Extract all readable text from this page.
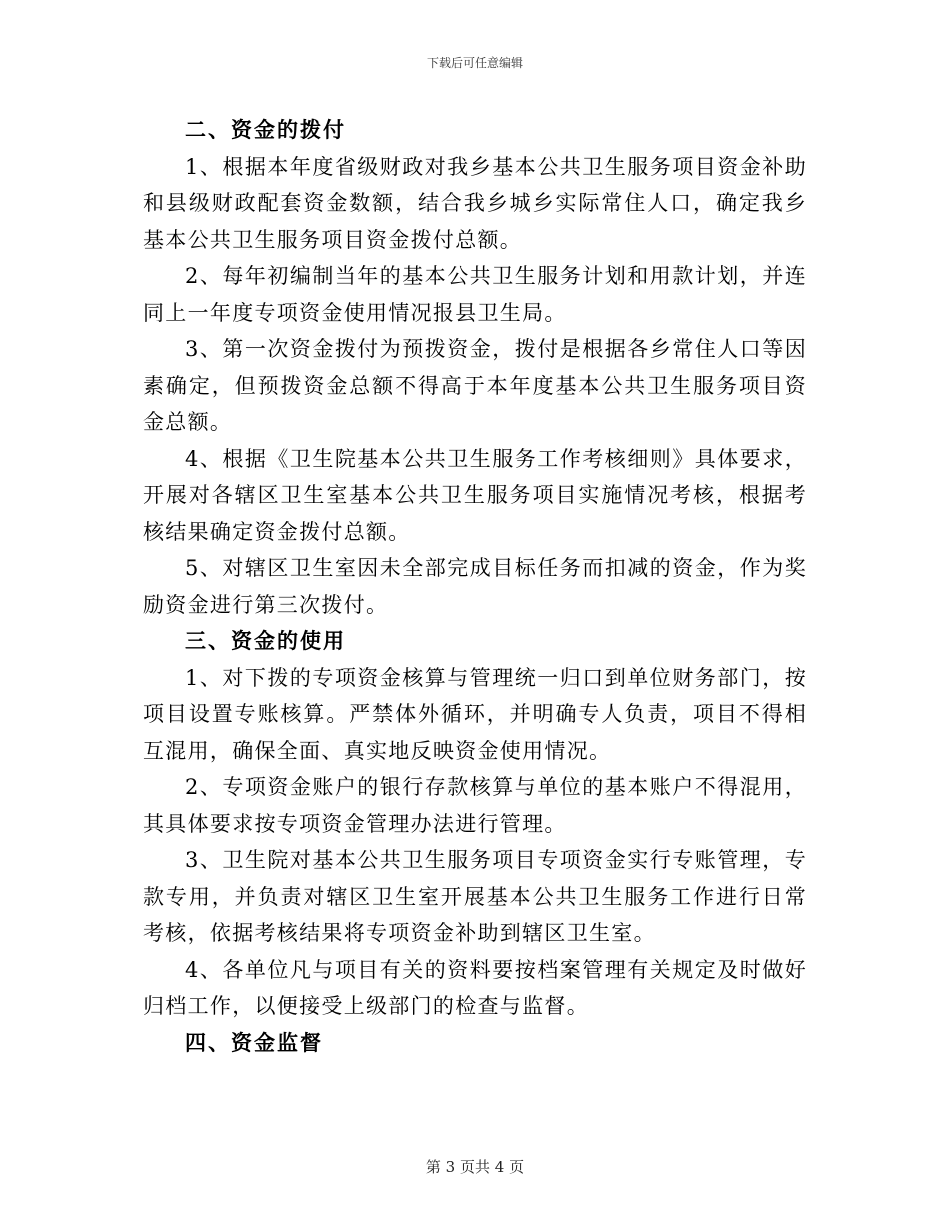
下载后可任意编辑

二、资金的拨付

1、根据本年度省级财政对我乡基本公共卫生服务项目资金补助和县级财政配套资金数额，结合我乡城乡实际常住人口，确定我乡基本公共卫生服务项目资金拨付总额。

2、每年初编制当年的基本公共卫生服务计划和用款计划，并连同上一年度专项资金使用情况报县卫生局。

3、第一次资金拨付为预拨资金，拨付是根据各乡常住人口等因素确定，但预拨资金总额不得高于本年度基本公共卫生服务项目资金总额。

4、根据《卫生院基本公共卫生服务工作考核细则》具体要求，开展对各辖区卫生室基本公共卫生服务项目实施情况考核，根据考核结果确定资金拨付总额。

5、对辖区卫生室因未全部完成目标任务而扣减的资金，作为奖励资金进行第三次拨付。

三、资金的使用

1、对下拨的专项资金核算与管理统一归口到单位财务部门，按项目设置专账核算。严禁体外循环，并明确专人负责，项目不得相互混用，确保全面、真实地反映资金使用情况。

2、专项资金账户的银行存款核算与单位的基本账户不得混用，其具体要求按专项资金管理办法进行管理。

3、卫生院对基本公共卫生服务项目专项资金实行专账管理，专款专用，并负责对辖区卫生室开展基本公共卫生服务工作进行日常考核，依据考核结果将专项资金补助到辖区卫生室。

4、各单位凡与项目有关的资料要按档案管理有关规定及时做好归档工作，以便接受上级部门的检查与监督。

四、资金监督

第 3 页共 4 页
